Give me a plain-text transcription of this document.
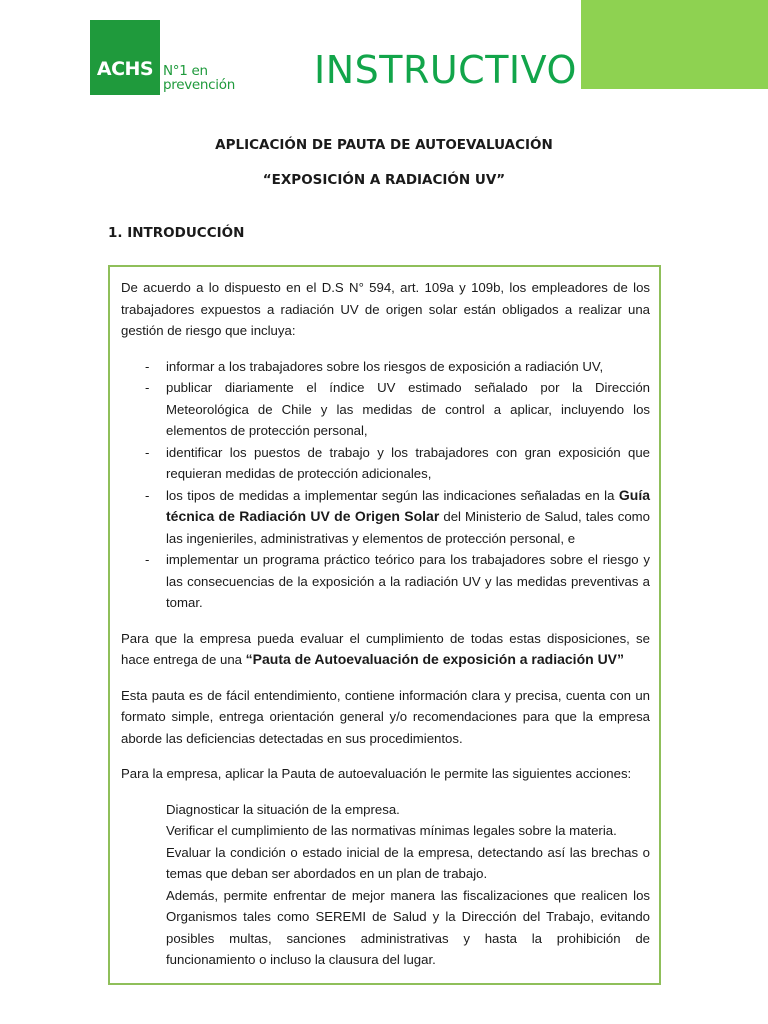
ACHS N°1 en
prevención INSTRUCTIVO
APLICACIÓN DE PAUTA DE AUTOEVALUACIÓN
“EXPOSICIÓN A RADIACIÓN UV”
1. INTRODUCCIÓN

De acuerdo a lo dispuesto en el D.S N° 594, art. 109a y 109b, los empleadores de los trabajadores expuestos a radiación UV de origen solar están obligados a realizar una gestión de riesgo que incluya:

- informar a los trabajadores sobre los riesgos de exposición a radiación UV,
- publicar diariamente el índice UV estimado señalado por la Dirección Meteorológica de Chile y las medidas de control a aplicar, incluyendo los elementos de protección personal,
- identificar los puestos de trabajo y los trabajadores con gran exposición que requieran medidas de protección adicionales,
- los tipos de medidas a implementar según las indicaciones señaladas en la Guía técnica de Radiación UV de Origen Solar del Ministerio de Salud, tales como las ingenieriles, administrativas y elementos de protección personal, e
- implementar un programa práctico teórico para los trabajadores sobre el riesgo y las consecuencias de la exposición a la radiación UV y las medidas preventivas a tomar.

Para que la empresa pueda evaluar el cumplimiento de todas estas disposiciones, se hace entrega de una “Pauta de Autoevaluación de exposición a radiación UV”

Esta pauta es de fácil entendimiento, contiene información clara y precisa, cuenta con un formato simple, entrega orientación general y/o recomendaciones para que la empresa aborde las deficiencias detectadas en sus procedimientos.

Para la empresa, aplicar la Pauta de autoevaluación le permite las siguientes acciones:

Diagnosticar la situación de la empresa.
Verificar el cumplimiento de las normativas mínimas legales sobre la materia.
Evaluar la condición o estado inicial de la empresa, detectando así las brechas o temas que deban ser abordados en un plan de trabajo.
Además, permite enfrentar de mejor manera las fiscalizaciones que realicen los Organismos tales como SEREMI de Salud y la Dirección del Trabajo, evitando posibles multas, sanciones administrativas y hasta la prohibición de funcionamiento o incluso la clausura del lugar.
